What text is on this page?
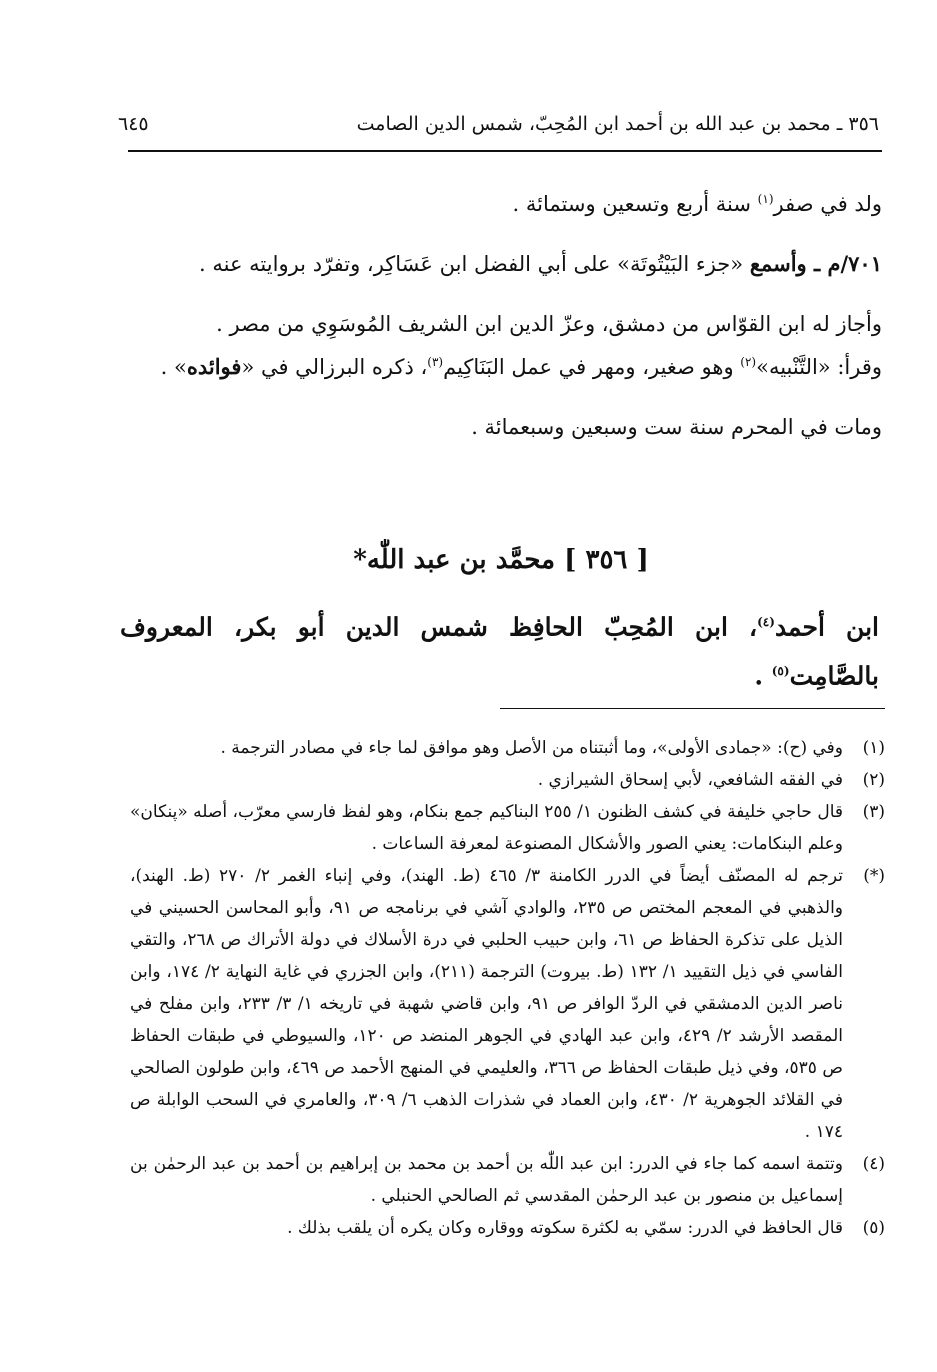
٣٥٦ ـ محمد بن عبد الله بن أحمد ابن المُحِبّ، شمس الدين الصامت
٦٤٥

ولد في صفر$^{(١)}$ سنة أربع وتسعين وستمائة .

٧٠١/م ـ وأسمع «جزء البَيْتُوتَة» على أبي الفضل ابن عَسَاكِر، وتفرّد بروايته عنه .

وأجاز له ابن القوّاس من دمشق، وعزّ الدين ابن الشريف المُوسَوِي من مصر .

وقرأ: «التَّنْبيه»$^{(٢)}$ وهو صغير، ومهر في عمل البَنَاكِيم$^{(٣)}$، ذكره البرزالي في «فوائده» .

ومات في المحرم سنة ست وسبعين وسبعمائة .

[ ٣٥٦ ] محمَّد بن عبد اللّٰه*
ابن أحمد$^{(٤)}$، ابن المُحِبّ الحافِظ شمس الدين أبو بكر، المعروف بالصَّامِت$^{(٥)}$ .

(١)
وفي (ح): «جمادى الأولى»، وما أثبتناه من الأصل وهو موافق لما جاء في مصادر الترجمة .

(٢)
في الفقه الشافعي، لأبي إسحاق الشيرازي .

(٣)
قال حاجي خليفة في كشف الظنون ١/ ٢٥٥ البناكيم جمع بنكام، وهو لفظ فارسي معرّب، أصله «پنكان» وعلم البنكامات: يعني الصور والأشكال المصنوعة لمعرفة الساعات .

(*)
ترجم له المصنّف أيضاً في الدرر الكامنة ٣/ ٤٦٥ (ط. الهند)، وفي إنباء الغمر ٢/ ٢٧٠ (ط. الهند)، والذهبي في المعجم المختص ص ٢٣٥، والوادي آشي في برنامجه ص ٩١، وأبو المحاسن الحسيني في الذيل على تذكرة الحفاظ ص ٦١، وابن حبيب الحلبي في درة الأسلاك في دولة الأتراك ص ٢٦٨، والتقي الفاسي في ذيل التقييد ١/ ١٣٢ (ط. بيروت) الترجمة (٢١١)، وابن الجزري في غاية النهاية ٢/ ١٧٤، وابن ناصر الدين الدمشقي في الردّ الوافر ص ٩١، وابن قاضي شهبة في تاريخه ١/ ٣/ ٢٣٣، وابن مفلح في المقصد الأرشد ٢/ ٤٢٩، وابن عبد الهادي في الجوهر المنضد ص ١٢٠، والسيوطي في طبقات الحفاظ ص ٥٣٥، وفي ذيل طبقات الحفاظ ص ٣٦٦، والعليمي في المنهج الأحمد ص ٤٦٩، وابن طولون الصالحي في القلائد الجوهرية ٢/ ٤٣٠، وابن العماد في شذرات الذهب ٦/ ٣٠٩، والعامري في السحب الوابلة ص ١٧٤ .

(٤)
وتتمة اسمه كما جاء في الدرر: ابن عبد اللّٰه بن أحمد بن محمد بن إبراهيم بن أحمد بن عبد الرحمٰن بن إسماعيل بن منصور بن عبد الرحمٰن المقدسي ثم الصالحي الحنبلي .

(٥)
قال الحافظ في الدرر: سمّي به لكثرة سكوته ووقاره وكان يكره أن يلقب بذلك .
